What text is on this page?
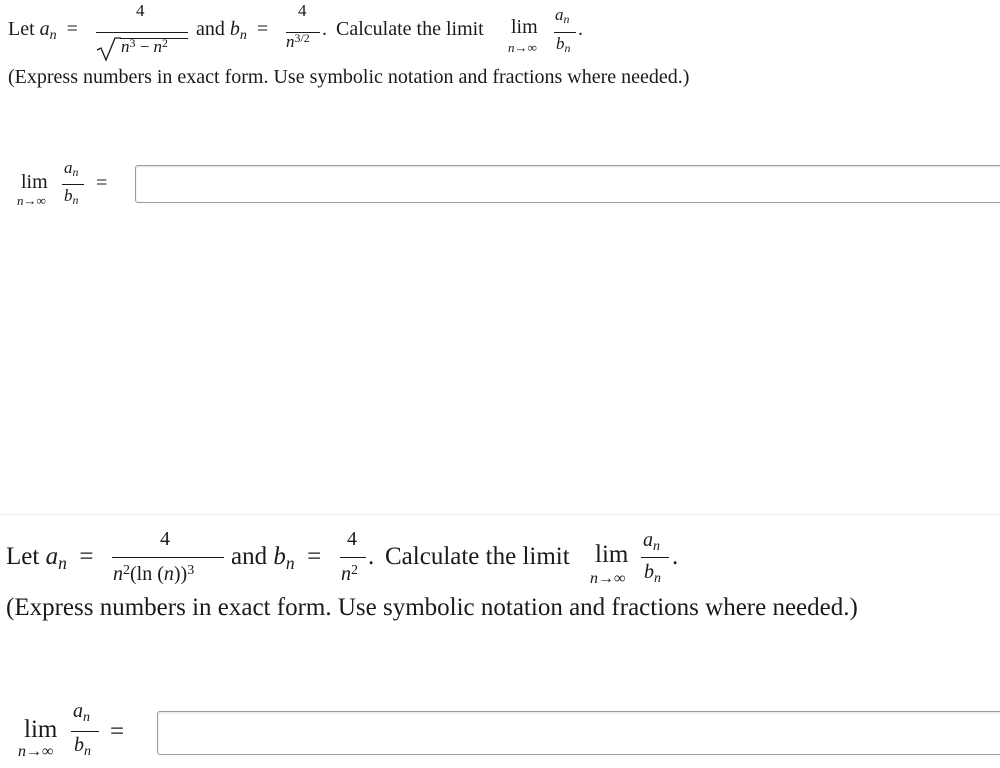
Let $a_n$ =
4
$n^3 - n^2$
and $b_n$ =
4
$n^{3/2}$ . Calculate the limit lim
n→∞
$a_n$
$b_n$
.
(Express numbers in exact form. Use symbolic notation and fractions where needed.)
lim
n→∞
$a_n$
$b_n$
=
Let $a_n$ =
4
$n^2(\ln$ (n))$^3$
and $b_n$ =
4
$n^2$
. Calculate the limit lim
n→∞
$a_n$
$b_n$
.
(Express numbers in exact form. Use symbolic notation and fractions where needed.)
lim
n→∞
$a_n$
$b_n$
=
